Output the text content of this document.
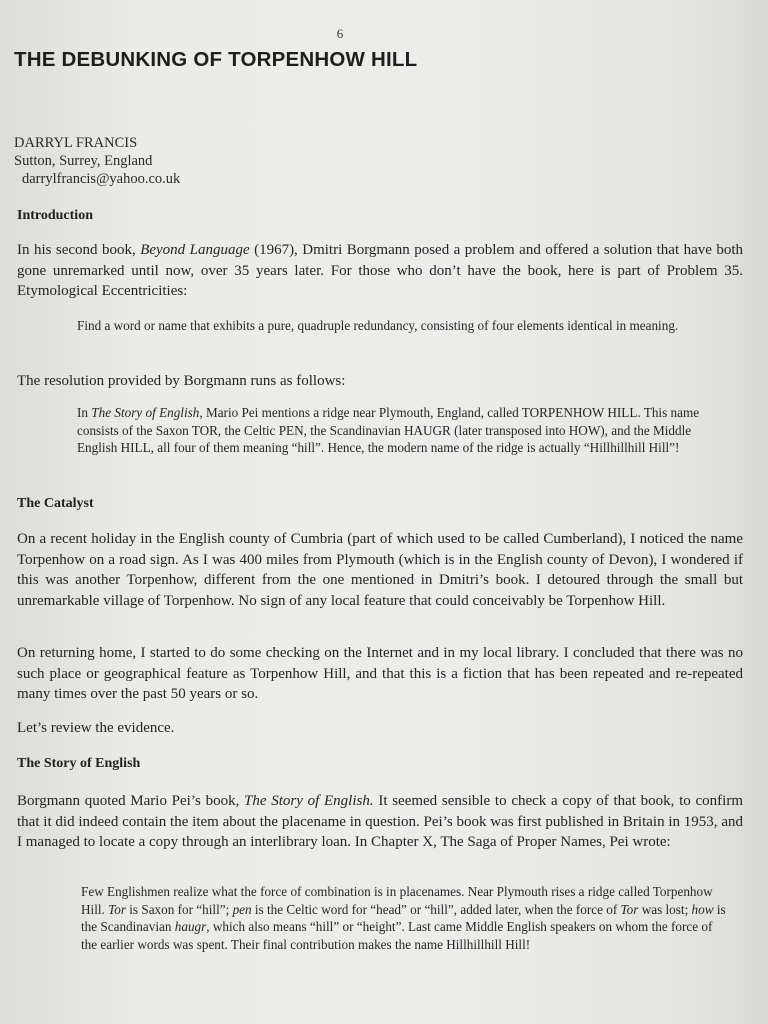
6
THE DEBUNKING OF TORPENHOW HILL
DARRYL FRANCIS
Sutton, Surrey, England
darrylfrancis@yahoo.co.uk
Introduction

In his second book, Beyond Language (1967), Dmitri Borgmann posed a problem and offered a solution that have both gone unremarked until now, over 35 years later. For those who don’t have the book, here is part of Problem 35. Etymological Eccentricities:

Find a word or name that exhibits a pure, quadruple redundancy, consisting of four elements identical in meaning.

The resolution provided by Borgmann runs as follows:

In The Story of English, Mario Pei mentions a ridge near Plymouth, England, called TORPENHOW HILL. This name consists of the Saxon TOR, the Celtic PEN, the Scandinavian HAUGR (later transposed into HOW), and the Middle English HILL, all four of them meaning “hill”. Hence, the modern name of the ridge is actually “Hillhillhill Hill”!

The Catalyst

On a recent holiday in the English county of Cumbria (part of which used to be called Cumberland), I noticed the name Torpenhow on a road sign. As I was 400 miles from Plymouth (which is in the English county of Devon), I wondered if this was another Torpenhow, different from the one mentioned in Dmitri’s book. I detoured through the small but unremarkable village of Torpenhow. No sign of any local feature that could conceivably be Torpenhow Hill.

On returning home, I started to do some checking on the Internet and in my local library. I concluded that there was no such place or geographical feature as Torpenhow Hill, and that this is a fiction that has been repeated and re-repeated many times over the past 50 years or so.

Let’s review the evidence.

The Story of English

Borgmann quoted Mario Pei’s book, The Story of English. It seemed sensible to check a copy of that book, to confirm that it did indeed contain the item about the placename in question. Pei’s book was first published in Britain in 1953, and I managed to locate a copy through an interlibrary loan. In Chapter X, The Saga of Proper Names, Pei wrote:

Few Englishmen realize what the force of combination is in placenames. Near Plymouth rises a ridge called Torpenhow Hill. Tor is Saxon for “hill”; pen is the Celtic word for “head” or “hill”, added later, when the force of Tor was lost; how is the Scandinavian haugr, which also means “hill” or “height”. Last came Middle English speakers on whom the force of the earlier words was spent. Their final contribution makes the name Hillhillhill Hill!
